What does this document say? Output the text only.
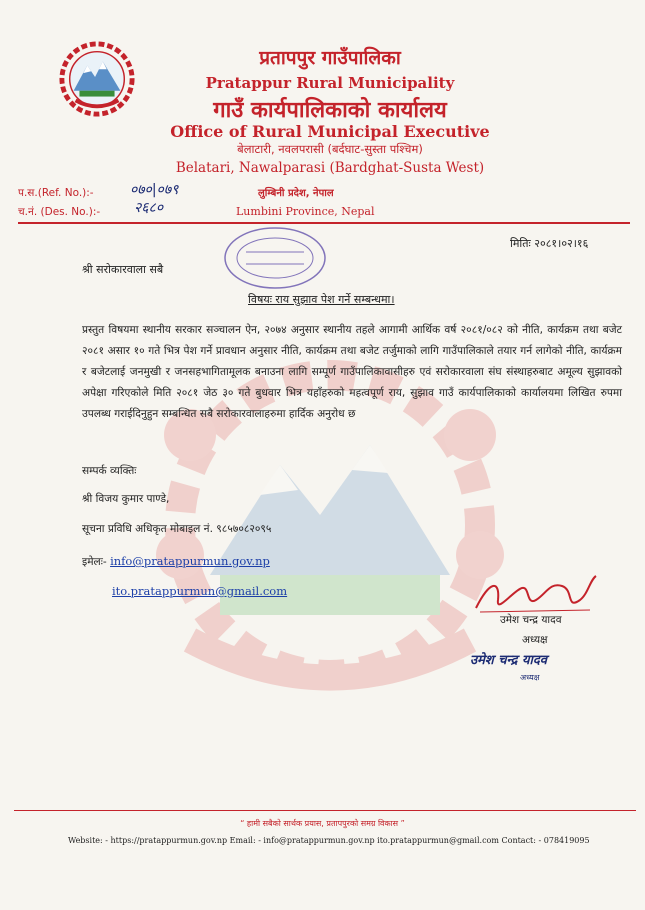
प्रतापपुर गाउँपालिका
Pratappur Rural Municipality
गाउँ कार्यपालिकाको कार्यालय
Office of Rural Municipal Executive
बेलाटारी, नवलपरासी (बर्दघाट-सुस्ता पश्चिम)
Belatari, Nawalparasi (Bardghat-Susta West)
प.स.(Ref. No.):-	०७०|०७९
च.नं. (Des. No.):- २६८०
लुम्बिनी प्रदेश, नेपाल
Lumbini Province, Nepal
मितिः २०८१।०२।१६
श्री सरोकारवाला सबै
विषयः राय सुझाव पेश गर्ने सम्बन्धमा।
प्रस्तुत विषयमा स्थानीय सरकार सञ्चालन ऐन, २०७४ अनुसार स्थानीय तहले आगामी आर्थिक वर्ष २०८१/०८२ को नीति, कार्यक्रम तथा बजेट २०८१ असार १० गते भित्र पेश गर्ने प्रावधान अनुसार नीति, कार्यक्रम तथा बजेट तर्जुमाको लागि गाउँपालिकाले तयार गर्न लागेको नीति, कार्यक्रम र बजेटलाई जनमुखी र जनसहभागितामूलक बनाउना लागि सम्पूर्ण गाउँपालिकावासीहरु एवं सरोकारवाला संघ संस्थाहरुबाट अमूल्य सुझावको अपेक्षा गरिएकोले मिति २०८१ जेठ ३० गते बुधवार भित्र यहाँहरुको महत्वपूर्ण राय, सुझाव गाउँ कार्यपालिकाको कार्यालयमा लिखित रुपमा उपलब्ध गराईदिनुहुन सम्बन्धित सबै सरोकारवालाहरुमा हार्दिक अनुरोध छ
सम्पर्क व्यक्तिः
श्री विजय कुमार पाण्डे,
सूचना प्रविधि अधिकृत मोबाइल नं. ९८५७०८२०९५
इमेलः- info@pratappurmun.gov.np
ito.pratappurmun@gmail.com
उमेश चन्द्र यादव
अध्यक्ष
उमेश चन्द्र यादव
अध्यक्ष
“ हामी सबैको सार्थक प्रयास, प्रतापपुरको समग्र विकास ”
Website: - https://pratappurmun.gov.np Email: - info@pratappurmun.gov.np ito.pratappurmun@gmail.com Contact: - 078419095
